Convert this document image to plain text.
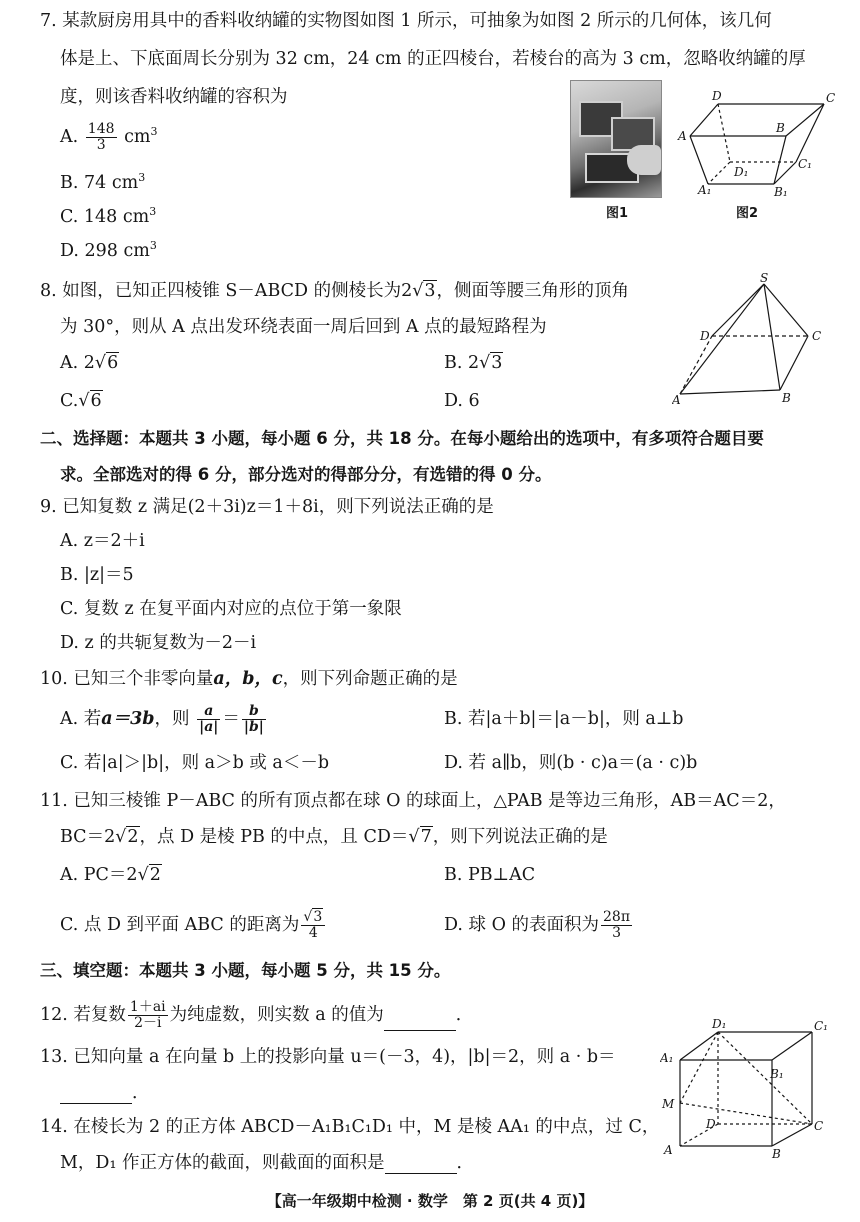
7. 某款厨房用具中的香料收纳罐的实物图如图 1 所示，可抽象为如图 2 所示的几何体，该几何
体是上、下底面周长分别为 32 cm，24 cm 的正四棱台，若棱台的高为 3 cm，忽略收纳罐的厚
度，则该香料收纳罐的容积为
A. $\frac{148}{3} cm^3$
B. 74 $cm^3$
C. 148 $cm^3$
D. 298 $cm^3$
图1
D	C
A
B
C₁
D₁
A₁	B₁
图2
8. 如图，已知正四棱锥 S－ABCD 的侧棱长为2√3，侧面等腰三角形的顶角
为 30°，则从 A 点出发环绕表面一周后回到 A 点的最短路程为
A. 2√6	B. 2√3
C.√6	D. 6
S
D	C
A	B
二、选择题：本题共 3 小题，每小题 6 分，共 18 分。在每小题给出的选项中，有多项符合题目要
求。全部选对的得 6 分，部分选对的得部分分，有选错的得 0 分。
9. 已知复数 z 满足(2＋3i)z＝1＋8i，则下列说法正确的是
A. z＝2＋i
B. |z|＝5
C. 复数 z 在复平面内对应的点位于第一象限
D. z 的共轭复数为－2－i
10. 已知三个非零向量a，b，c，则下列命题正确的是
A. 若a＝3b，则 $\frac{a}{|a|} = \frac{b}{|b|}$	B. 若|a＋b|＝|a－b|，则 a⊥b
C. 若|a|＞|b|，则 a＞b 或 a＜－b	D. 若 a∥b，则(b · c)a＝(a · c)b
11. 已知三棱锥 P－ABC 的所有顶点都在球 O 的球面上，△PAB 是等边三角形，AB＝AC＝2，
BC＝2√2，点 D 是棱 PB 的中点，且 CD＝√7，则下列说法正确的是
A. PC＝2√2	B. PB⊥AC
C. 点 D 到平面 ABC 的距离为 $\frac{√3}{4}$	D. 球 O 的表面积为 $\frac{28\pi}{3}$
三、填空题：本题共 3 小题，每小题 5 分，共 15 分。
12. 若复数 $\frac{1+ai}{2-i}$ 为纯虚数，则实数 a 的值为	．
13. 已知向量 a 在向量 b 上的投影向量 u＝(－3，4)，|b|＝2，则 a · b＝
．
14. 在棱长为 2 的正方体 ABCD－A₁B₁C₁D₁ 中，M 是棱 AA₁ 的中点，过 C，
M，D₁ 作正方体的截面，则截面的面积是	．
D₁	C₁
A₁
B₁
M
D	C
A	B
【高一年级期中检测 · 数学　第 2 页(共 4 页)】
